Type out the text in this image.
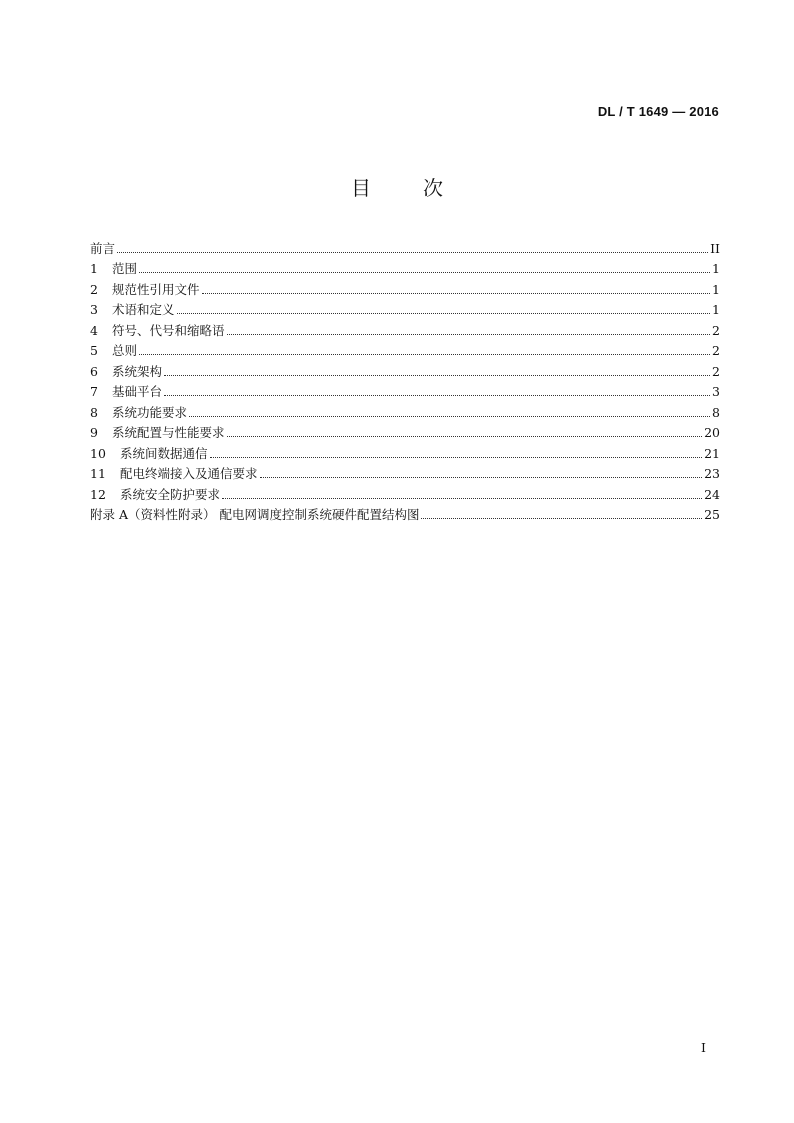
DL / T 1649 — 2016
目	次
前言	II
1	范围	1
2	规范性引用文件	1
3	术语和定义	1
4	符号、代号和缩略语	2
5	总则	2
6	系统架构	2
7	基础平台	3
8	系统功能要求	8
9	系统配置与性能要求	20
10	系统间数据通信	21
11	配电终端接入及通信要求	23
12	系统安全防护要求	24
附录 A（资料性附录） 配电网调度控制系统硬件配置结构图	25
I
